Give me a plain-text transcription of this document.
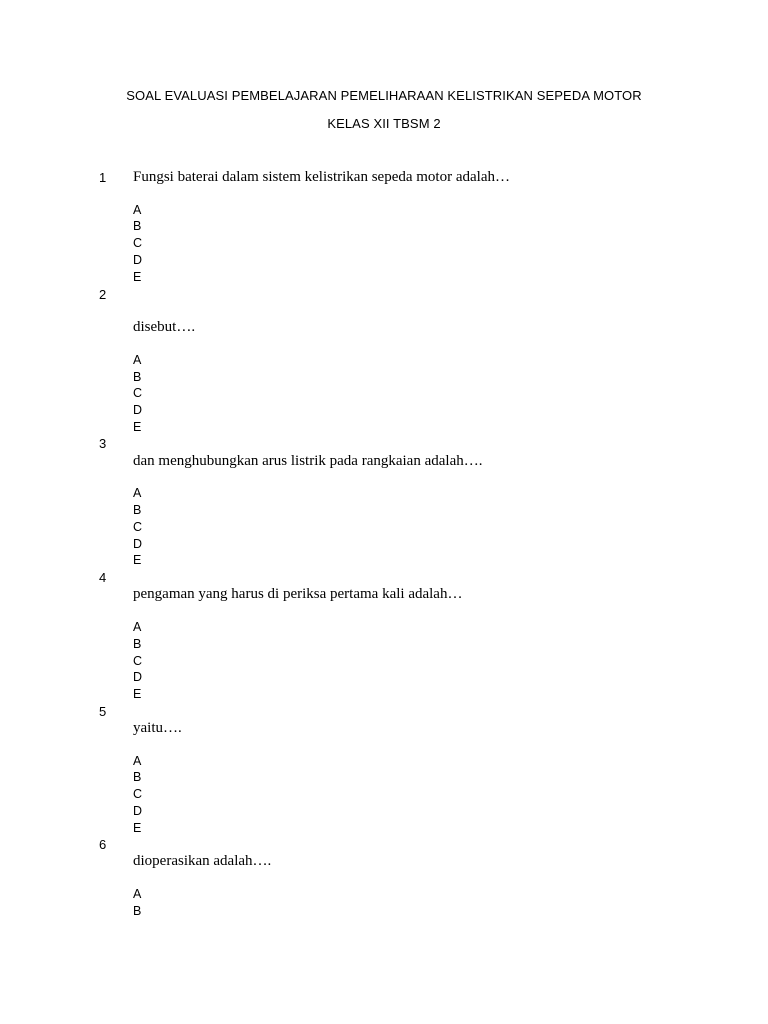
SOAL EVALUASI PEMBELAJARAN PEMELIHARAAN KELISTRIKAN SEPEDA MOTOR
KELAS XII TBSM 2
1 Fungsi baterai dalam sistem kelistrikan sepeda motor adalah…
A
B
C
D
E
2
disebut….
A
B
C
D
E
3
dan menghubungkan arus listrik pada rangkaian adalah….
A
B
C
D
E
4
pengaman yang harus di periksa pertama kali adalah…
A
B
C
D
E
5
yaitu….
A
B
C
D
E
6
dioperasikan adalah….
A
B
